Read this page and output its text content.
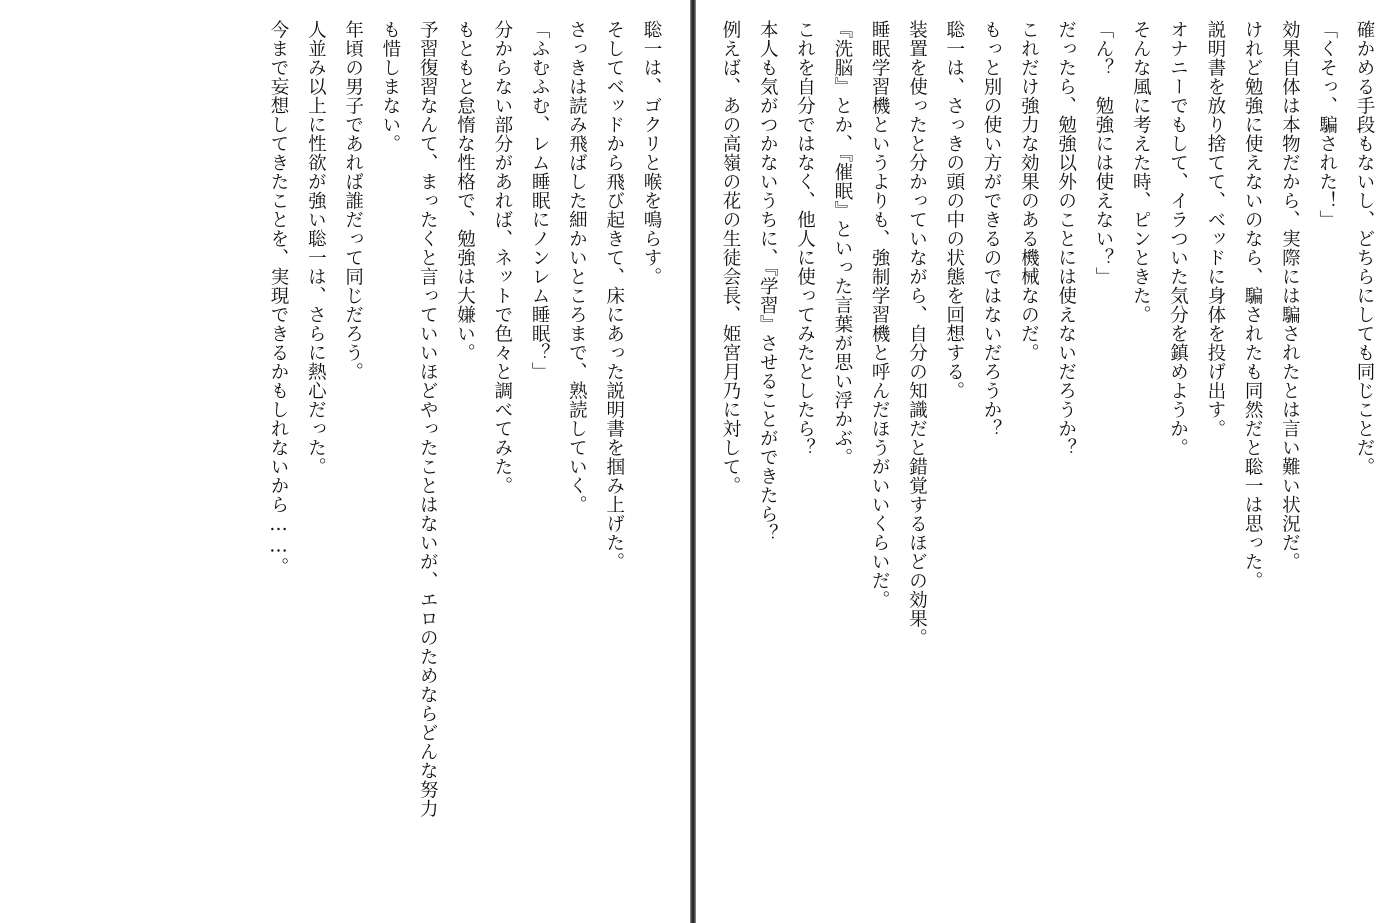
聡一は、ゴクリと喉を鳴らす。
そしてベッドから飛び起きて、床にあった説明書を掴み上げた。
さっきは読み飛ばした細かいところまで、熟読していく。
「ふむふむ、レム睡眠にノンレム睡眠？」
分からない部分があれば、ネットで色々と調べてみた。
もともと怠惰な性格で、勉強は大嫌い。
予習復習なんて、まったくと言っていいほどやったことはないが、エロのためならどんな努力
も惜しまない。
年頃の男子であれば誰だって同じだろう。
人並み以上に性欲が強い聡一は、さらに熱心だった。
今まで妄想してきたことを、実現できるかもしれないから……。	確かめる手段もないし、どちらにしても同じことだ。
「くそっ、騙された！」
効果自体は本物だから、実際には騙されたとは言い難い状況だ。
けれど勉強に使えないのなら、騙されたも同然だと聡一は思った。
説明書を放り捨てて、ベッドに身体を投げ出す。
オナニーでもして、イラついた気分を鎮めようか。
そんな風に考えた時、ピンときた。
「ん？　勉強には使えない？」
だったら、勉強以外のことには使えないだろうか？
これだけ強力な効果のある機械なのだ。
もっと別の使い方ができるのではないだろうか？
聡一は、さっきの頭の中の状態を回想する。
装置を使ったと分かっていながら、自分の知識だと錯覚するほどの効果。
睡眠学習機というよりも、強制学習機と呼んだほうがいいくらいだ。
『洗脳』とか、『催眠』といった言葉が思い浮かぶ。
これを自分ではなく、他人に使ってみたとしたら？
本人も気がつかないうちに、『学習』させることができたら？
例えば、あの高嶺の花の生徒会長、姫宮月乃に対して。
